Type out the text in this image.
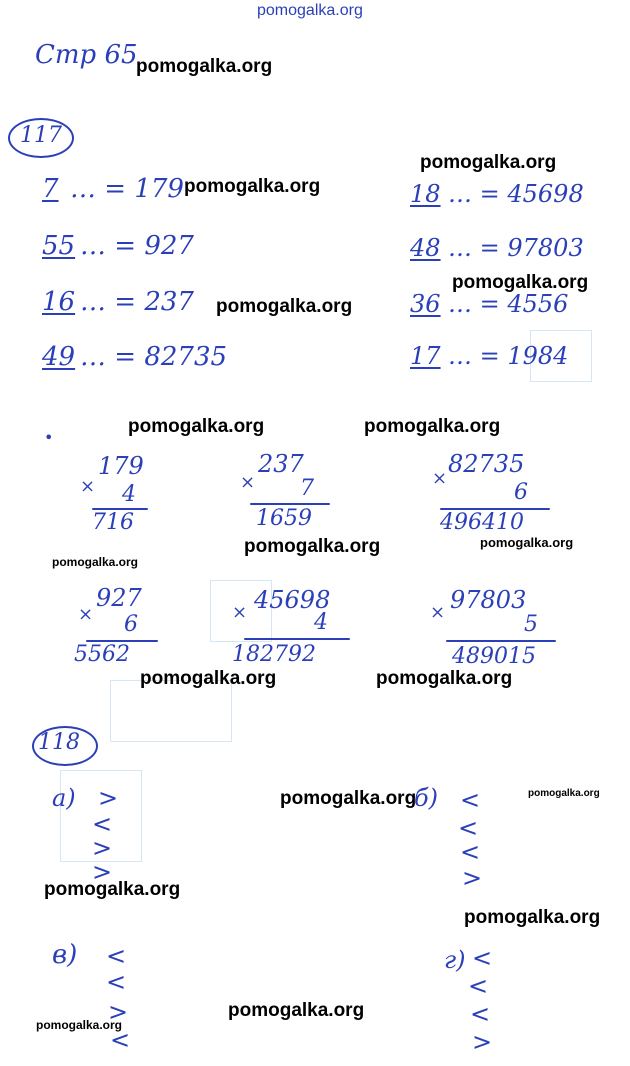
pomogalka.org
Стр 65
pomogalka.org
117
pomogalka.org
7 … = 179 pomogalka.org
55 … = 927
16 … = 237 pomogalka.org
49 … = 82735
18 … = 45698
48 … = 97803
pomogalka.org
36 … = 4556
17 … = 1984
pomogalka.org	pomogalka.org
•
×
179
4
716
×
237
7
1659
×
82735
6
496410
pomogalka.org	pomogalka.org
pomogalka.org
×
927
6
5562
× 45698
4
182792
× 97803
5
489015
pomogalka.org	pomogalka.org
118
а) >
<
>
>
pomogalka.org
б) <
<
<
>
pomogalka.org
pomogalka.org
pomogalka.org
в) <
<
>
<
г) <
<
<
>
pomogalka.org
pomogalka.org
